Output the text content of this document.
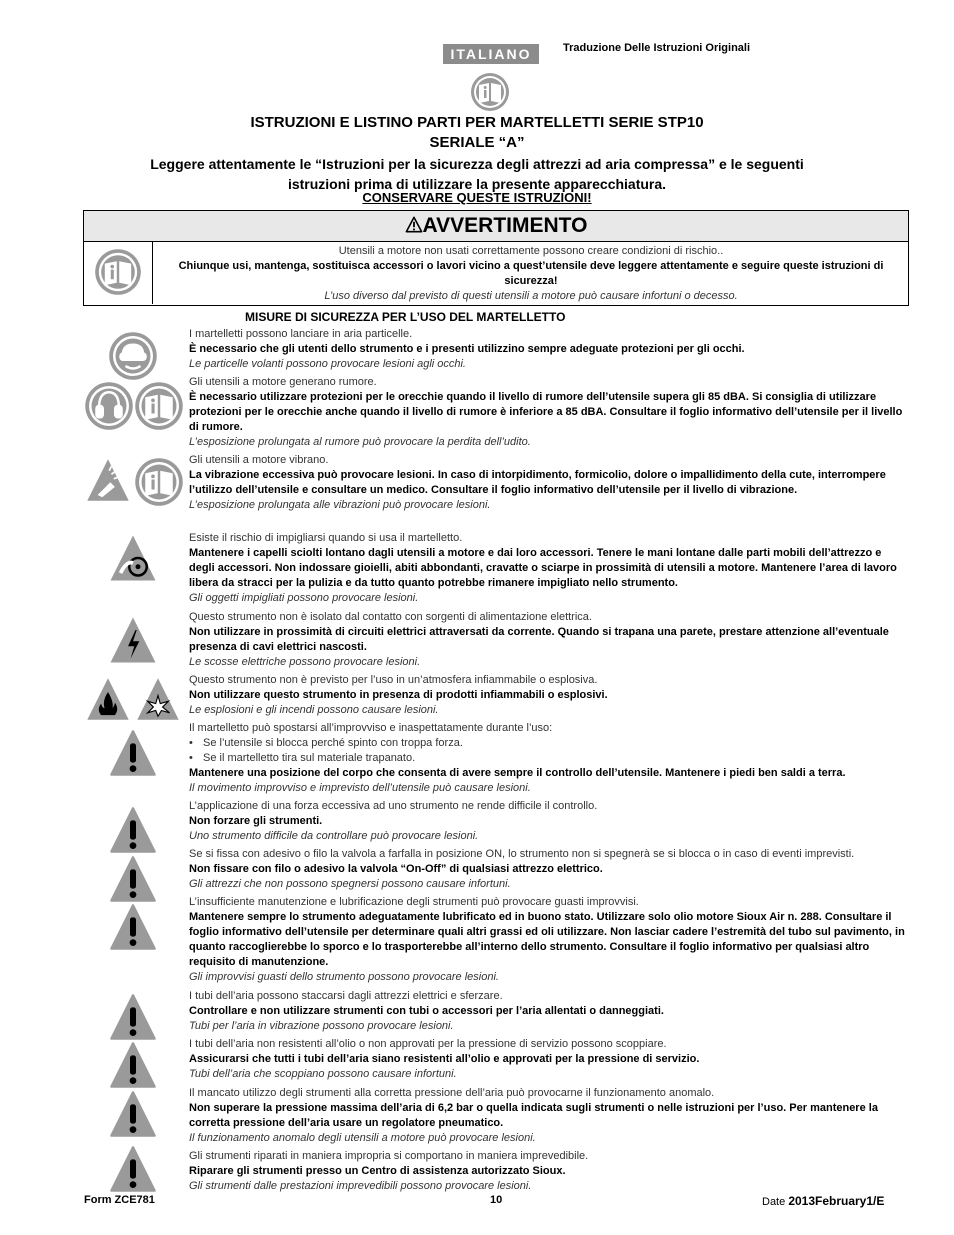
ITALIANO	Traduzione Delle Istruzioni Originali
ISTRUZIONI E LISTINO PARTI PER MARTELLETTI SERIE STP10
SERIALE “A”
Leggere attentamente le “Istruzioni per la sicurezza degli attrezzi ad aria compressa” e le seguenti istruzioni prima di utilizzare la presente apparecchiatura.
CONSERVARE QUESTE ISTRUZIONI!
AVVERTIMENTO
Utensili a motore non usati correttamente possono creare condizioni di rischio..
Chiunque usi, mantenga, sostituisca accessori o lavori vicino a quest’utensile deve leggere attentamente e seguire queste istruzioni di sicurezza!
L’uso diverso dal previsto di questi utensili a motore può causare infortuni o decesso.
MISURE DI SICUREZZA PER L’USO DEL MARTELLETTO

I martelletti possono lanciare in aria particelle.

È necessario che gli utenti dello strumento e i presenti utilizzino sempre adeguate protezioni per gli occhi.

Le particelle volanti possono provocare lesioni agli occhi.

Gli utensili a motore generano rumore.

È necessario utilizzare protezioni per le orecchie quando il livello di rumore dell’utensile supera gli 85 dBA. Si consiglia di utilizzare protezioni per le orecchie anche quando il livello di rumore è inferiore a 85 dBA. Consultare il foglio informativo dell’utensile per il livello di rumore.

L’esposizione prolungata al rumore può provocare la perdita dell’udito.

Gli utensili a motore vibrano.

La vibrazione eccessiva può provocare lesioni. In caso di intorpidimento, formicolio, dolore o impallidimento della cute, interrompere l’utilizzo dell’utensile e consultare un medico. Consultare il foglio informativo dell’utensile per il livello di vibrazione.

L’esposizione prolungata alle vibrazioni può provocare lesioni.

Esiste il rischio di impigliarsi quando si usa il martelletto.

Mantenere i capelli sciolti lontano dagli utensili a motore e dai loro accessori. Tenere le mani lontane dalle parti mobili dell’attrezzo e degli accessori. Non indossare gioielli, abiti abbondanti, cravatte o sciarpe in prossimità di utensili a motore. Mantenere l’area di lavoro libera da stracci per la pulizia e da tutto quanto potrebbe rimanere impigliato nello strumento.

Gli oggetti impigliati possono provocare lesioni.

Questo strumento non è isolato dal contatto con sorgenti di alimentazione elettrica.

Non utilizzare in prossimità di circuiti elettrici attraversati da corrente. Quando si trapana una parete, prestare attenzione all’eventuale presenza di cavi elettrici nascosti.

Le scosse elettriche possono provocare lesioni.

Questo strumento non è previsto per l’uso in un’atmosfera infiammabile o esplosiva.

Non utilizzare questo strumento in presenza di prodotti infiammabili o esplosivi.

Le esplosioni e gli incendi possono causare lesioni.

Il martelletto può spostarsi all’improvviso e inaspettatamente durante l’uso:

• Se l’utensile si blocca perché spinto con troppa forza.

• Se il martelletto tira sul materiale trapanato.

Mantenere una posizione del corpo che consenta di avere sempre il controllo dell’utensile. Mantenere i piedi ben saldi a terra.

Il movimento improvviso e imprevisto dell’utensile può causare lesioni.

L’applicazione di una forza eccessiva ad uno strumento ne rende difficile il controllo.

Non forzare gli strumenti.

Uno strumento difficile da controllare può provocare lesioni.

Se si fissa con adesivo o filo la valvola a farfalla in posizione ON, lo strumento non si spegnerà se si blocca o in caso di eventi imprevisti.

Non fissare con filo o adesivo la valvola “On-Off” di qualsiasi attrezzo elettrico.

Gli attrezzi che non possono spegnersi possono causare infortuni.

L’insufficiente manutenzione e lubrificazione degli strumenti può provocare guasti improvvisi.

Mantenere sempre lo strumento adeguatamente lubrificato ed in buono stato. Utilizzare solo olio motore Sioux Air n. 288. Consultare il foglio informativo dell’utensile per determinare quali altri grassi ed oli utilizzare. Non lasciar cadere l’estremità del tubo sul pavimento, in quanto raccoglierebbe lo sporco e lo trasporterebbe all’interno dello strumento. Consultare il foglio informativo per qualsiasi altro requisito di manutenzione.

Gli improvvisi guasti dello strumento possono provocare lesioni.

I tubi dell’aria possono staccarsi dagli attrezzi elettrici e sferzare.

Controllare e non utilizzare strumenti con tubi o accessori per l’aria allentati o danneggiati.

Tubi per l’aria in vibrazione possono provocare lesioni.

I tubi dell’aria non resistenti all’olio o non approvati per la pressione di servizio possono scoppiare.

Assicurarsi che tutti i tubi dell’aria siano resistenti all’olio e approvati per la pressione di servizio.

Tubi dell’aria che scoppiano possono causare infortuni.

Il mancato utilizzo degli strumenti alla corretta pressione dell’aria può provocarne il funzionamento anomalo.

Non superare la pressione massima dell’aria di 6,2 bar o quella indicata sugli strumenti o nelle istruzioni per l’uso. Per mantenere la corretta pressione dell’aria usare un regolatore pneumatico.

Il funzionamento anomalo degli utensili a motore può provocare lesioni.

Gli strumenti riparati in maniera impropria si comportano in maniera imprevedibile.

Riparare gli strumenti presso un Centro di assistenza autorizzato Sioux.

Gli strumenti dalle prestazioni imprevedibili possono provocare lesioni.

Form ZCE781	10	Date 2013February1/E
